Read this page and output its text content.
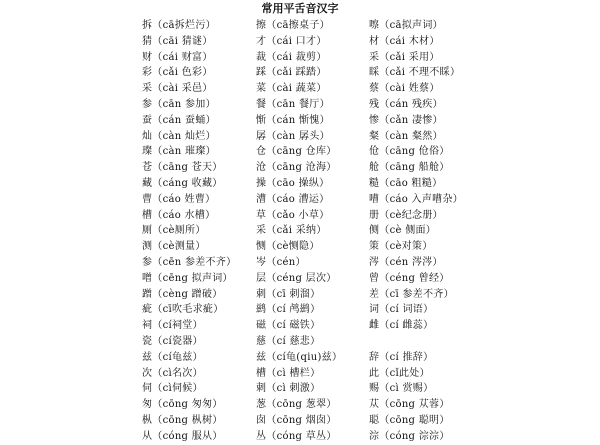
常用平舌音汉字
拆（cā拆烂污）	擦（cā擦桌子）	嚓（cā拟声词）
猜（cāi 猜谜）	才（cái 口才）	材（cái 木材）
财（cái 财富）	裁（cái 裁剪）	采（cǎi 采用）
彩（cǎi 色彩）	踩（cǎi 踩踏）	睬（cǎi 不理不睬）
采（cài 采邑）	菜（cài 蔬菜）	蔡（cài 姓蔡）
参（cān 参加）	餐（cān 餐厅）	残（cán 残疾）
蚕（cán 蚕蛹）	惭（cán 惭愧）	惨（cǎn 凄惨）
灿（càn 灿烂）	孱（càn 孱头）	粲（càn 粲然）
璨（càn 璀璨）	仓（cāng 仓库）	伧（cāng 伧俗）
苍（cāng 苍天）	沧（cāng 沧海）	舱（cāng 船舱）
藏（cáng 收藏）	操（cāo 操纵）	糙（cāo 粗糙）
曹（cáo 姓曹）	漕（cáo 漕运）	嘈（cáo 入声嘈杂）
槽（cáo 水槽）	草（cǎo 小草）	册（cè纪念册）
厕（cè厕所）	采（cǎi 采纳）	侧（cè 侧面）
测（cè测量）	恻（cè恻隐）	策（cè对策）
参（cēn 参差不齐） 岑（cén）	涔（cén 涔涔）
噌（cēng 拟声词） 层（céng 层次）	曾（céng 曾经）
蹭（cèng 蹭破）	刺（cī 刺溜）	差（cī 参差不齐）
疵（cī吹毛求疵）	鹚（cí 鸬鹚）	词（cí 词语）
祠（cí祠堂）	磁（cí 磁铁）	雌（cí 雌蕊）
瓷（cí瓷器）	慈（cí 慈悲）
兹（cí龟兹）	兹（cí龟(qiu)兹）	辞（cí 推辞）
次（cì名次）	槽（cì 槽栏）	此（cǐ此处）
伺（cì伺候）	刺（cì 刺激）	赐（cì 赏赐）
匆（cōng 匆匆）	葱（cōng 葱翠）	苁（cōng 苁蓉）
枞（cōng 枞树）	囱（cōng 烟囱）	聪（cōng 聪明）
从（cóng 服从）	丛（cóng 草丛）	淙（cóng 淙淙）
